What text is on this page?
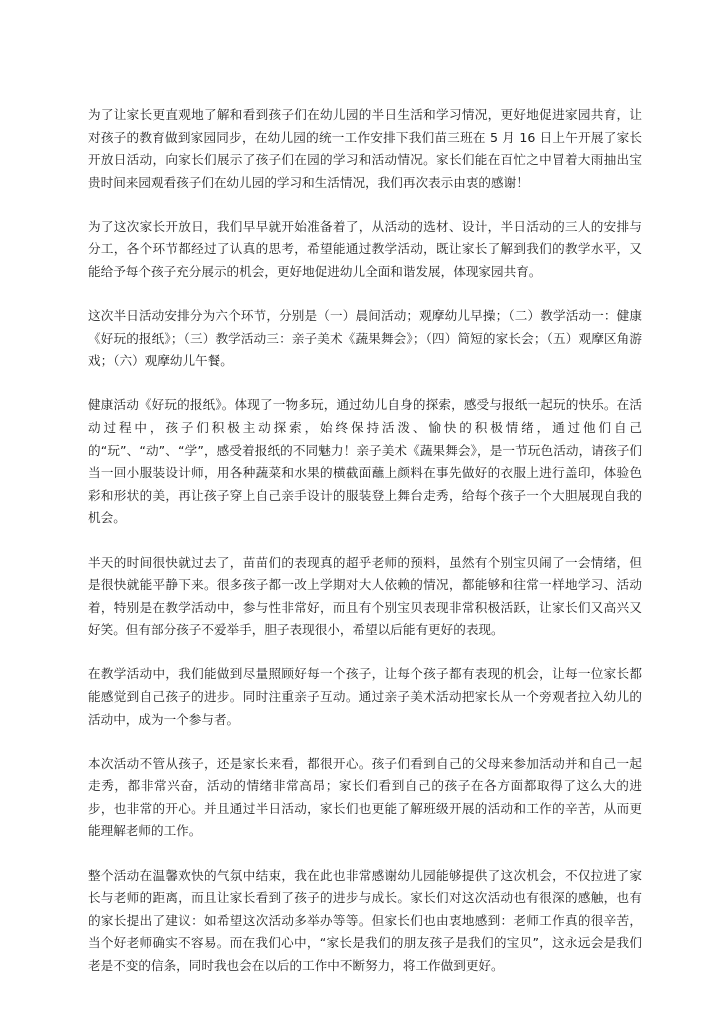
为了让家长更直观地了解和看到孩子们在幼儿园的半日生活和学习情况，更好地促进家园共育，让对孩子的教育做到家园同步，在幼儿园的统一工作安排下我们苗三班在 5 月 16 日上午开展了家长开放日活动，向家长们展示了孩子们在园的学习和活动情况。家长们能在百忙之中冒着大雨抽出宝贵时间来园观看孩子们在幼儿园的学习和生活情况，我们再次表示由衷的感谢！

为了这次家长开放日，我们早早就开始准备着了，从活动的选材、设计，半日活动的三人的安排与分工，各个环节都经过了认真的思考，希望能通过教学活动，既让家长了解到我们的教学水平，又能给予每个孩子充分展示的机会，更好地促进幼儿全面和谐发展，体现家园共育。

这次半日活动安排分为六个环节，分别是（一）晨间活动；观摩幼儿早操；（二）教学活动一：健康《好玩的报纸》；（三）教学活动三：亲子美术《蔬果舞会》；（四）简短的家长会；（五）观摩区角游戏；（六）观摩幼儿午餐。

健康活动《好玩的报纸》。体现了一物多玩，通过幼儿自身的探索，感受与报纸一起玩的快乐。在活动过程中，孩子们积极主动探索，始终保持活泼、愉快的积极情绪，通过他们自己的“玩”、“动”、“学”，感受着报纸的不同魅力！亲子美术《蔬果舞会》，是一节玩色活动，请孩子们当一回小服装设计师，用各种蔬菜和水果的横截面蘸上颜料在事先做好的衣服上进行盖印，体验色彩和形状的美，再让孩子穿上自己亲手设计的服装登上舞台走秀，给每个孩子一个大胆展现自我的机会。

半天的时间很快就过去了，苗苗们的表现真的超乎老师的预料，虽然有个别宝贝闹了一会情绪，但是很快就能平静下来。很多孩子都一改上学期对大人依赖的情况，都能够和往常一样地学习、活动着，特别是在教学活动中，参与性非常好，而且有个别宝贝表现非常积极活跃，让家长们又高兴又好笑。但有部分孩子不爱举手，胆子表现很小，希望以后能有更好的表现。

在教学活动中，我们能做到尽量照顾好每一个孩子，让每个孩子都有表现的机会，让每一位家长都能感觉到自己孩子的进步。同时注重亲子互动。通过亲子美术活动把家长从一个旁观者拉入幼儿的活动中，成为一个参与者。

本次活动不管从孩子，还是家长来看，都很开心。孩子们看到自己的父母来参加活动并和自己一起走秀，都非常兴奋，活动的情绪非常高昂；家长们看到自己的孩子在各方面都取得了这么大的进步，也非常的开心。并且通过半日活动，家长们也更能了解班级开展的活动和工作的辛苦，从而更能理解老师的工作。

整个活动在温馨欢快的气氛中结束，我在此也非常感谢幼儿园能够提供了这次机会，不仅拉进了家长与老师的距离，而且让家长看到了孩子的进步与成长。家长们对这次活动也有很深的感触，也有的家长提出了建议：如希望这次活动多举办等等。但家长们也由衷地感到：老师工作真的很辛苦，当个好老师确实不容易。而在我们心中，“家长是我们的朋友孩子是我们的宝贝”，这永远会是我们老是不变的信条，同时我也会在以后的工作中不断努力，将工作做到更好。
